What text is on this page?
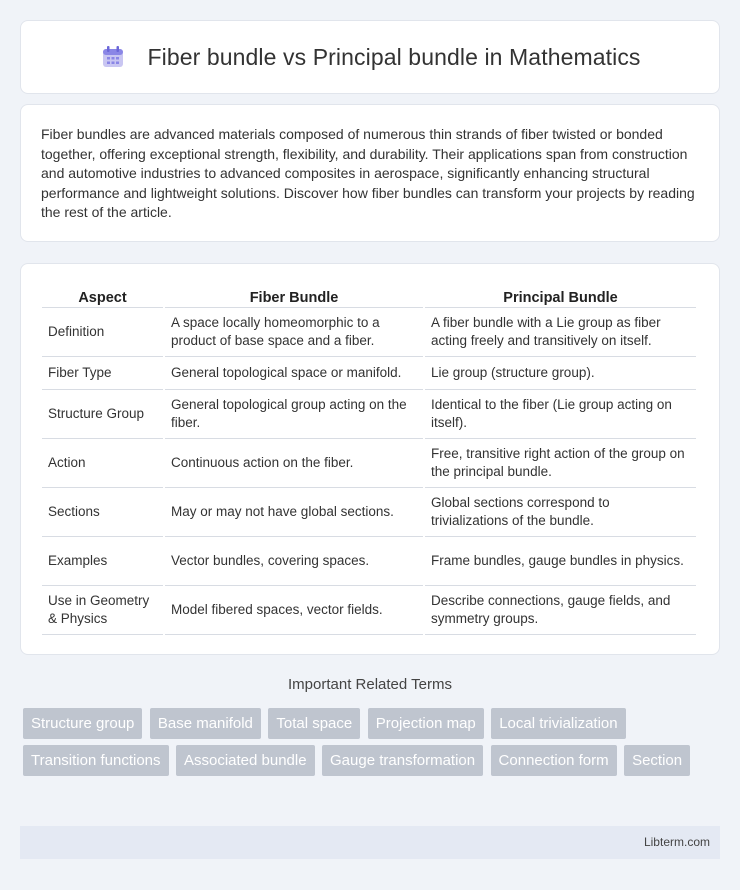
Fiber bundle vs Principal bundle in Mathematics

Fiber bundles are advanced materials composed of numerous thin strands of fiber twisted or bonded together, offering exceptional strength, flexibility, and durability. Their applications span from construction and automotive industries to advanced composites in aerospace, significantly enhancing structural performance and lightweight solutions. Discover how fiber bundles can transform your projects by reading the rest of the article.

Aspect	Fiber Bundle	Principal Bundle
Definition	A space locally homeomorphic to a product of base space and a fiber.	A fiber bundle with a Lie group as fiber acting freely and transitively on itself.
Fiber Type	General topological space or manifold.	Lie group (structure group).
Structure Group	General topological group acting on the fiber.	Identical to the fiber (Lie group acting on itself).
Action	Continuous action on the fiber.	Free, transitive right action of the group on the principal bundle.
Sections	May or may not have global sections.	Global sections correspond to trivializations of the bundle.
Examples	Vector bundles, covering spaces.	Frame bundles, gauge bundles in physics.
Use in Geometry & Physics	Model fibered spaces, vector fields.	Describe connections, gauge fields, and symmetry groups.
Important Related Terms
Structure group Base manifold Total space Projection map Local trivialization Transition functions Associated bundle Gauge transformation Connection form Section
Libterm.com
